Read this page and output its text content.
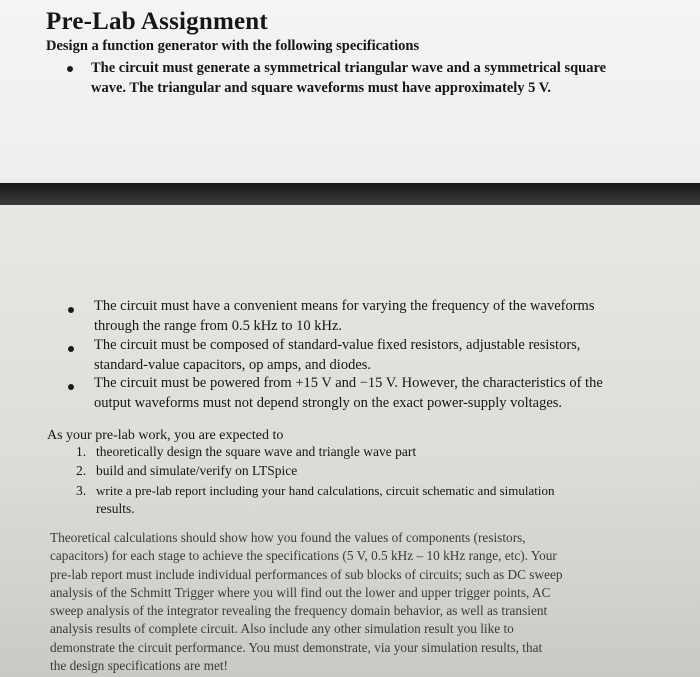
Pre-Lab Assignment
Design a function generator with the following specifications
The circuit must generate a symmetrical triangular wave and a symmetrical square
wave. The triangular and square waveforms must have approximately 5 V.
The circuit must have a convenient means for varying the frequency of the waveforms
through the range from 0.5 kHz to 10 kHz.
The circuit must be composed of standard-value fixed resistors, adjustable resistors,
standard-value capacitors, op amps, and diodes.
The circuit must be powered from +15 V and −15 V. However, the characteristics of the
output waveforms must not depend strongly on the exact power-supply voltages.
As your pre-lab work, you are expected to
1. theoretically design the square wave and triangle wave part
2. build and simulate/verify on LTSpice
3. write a pre-lab report including your hand calculations, circuit schematic and simulation
results.
Theoretical calculations should show how you found the values of components (resistors,
capacitors) for each stage to achieve the specifications (5 V, 0.5 kHz – 10 kHz range, etc). Your
pre-lab report must include individual performances of sub blocks of circuits; such as DC sweep
analysis of the Schmitt Trigger where you will find out the lower and upper trigger points, AC
sweep analysis of the integrator revealing the frequency domain behavior, as well as transient
analysis results of complete circuit. Also include any other simulation result you like to
demonstrate the circuit performance. You must demonstrate, via your simulation results, that
the design specifications are met!
